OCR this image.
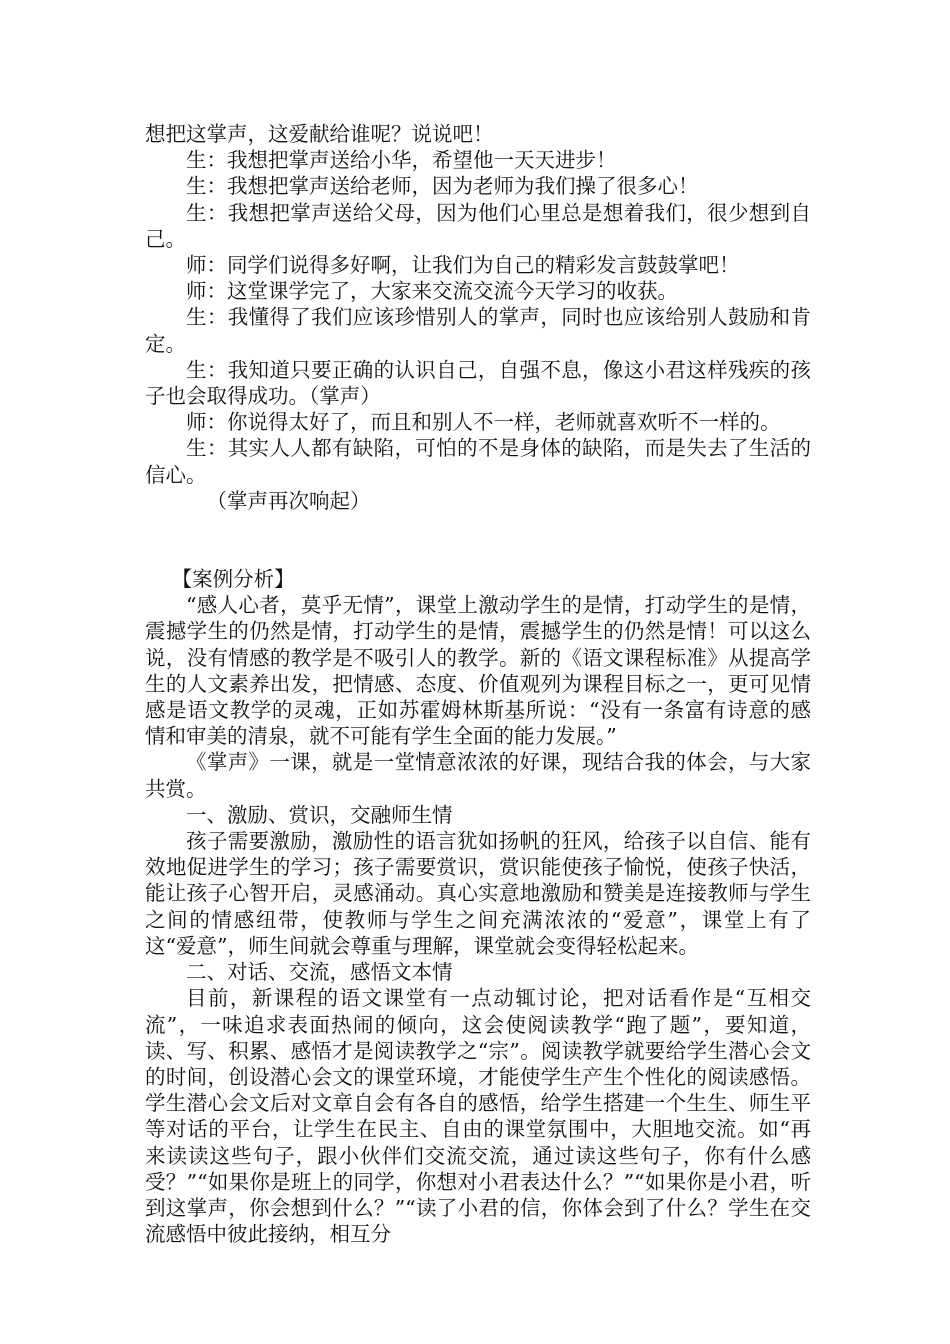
想把这掌声，这爱献给谁呢？说说吧！

生：我想把掌声送给小华，希望他一天天进步！

生：我想把掌声送给老师，因为老师为我们操了很多心！

生：我想把掌声送给父母，因为他们心里总是想着我们，很少想到自己。

师：同学们说得多好啊，让我们为自己的精彩发言鼓鼓掌吧！

师：这堂课学完了，大家来交流交流今天学习的收获。

生：我懂得了我们应该珍惜别人的掌声，同时也应该给别人鼓励和肯定。

生：我知道只要正确的认识自己，自强不息，像这小君这样残疾的孩子也会取得成功。（掌声）

师：你说得太好了，而且和别人不一样，老师就喜欢听不一样的。

生：其实人人都有缺陷，可怕的不是身体的缺陷，而是失去了生活的信心。

（掌声再次响起）

【案例分析】

“感人心者，莫乎无情”，课堂上激动学生的是情，打动学生的是情，震撼学生的仍然是情，打动学生的是情，震撼学生的仍然是情！可以这么说，没有情感的教学是不吸引人的教学。新的《语文课程标准》从提高学生的人文素养出发，把情感、态度、价值观列为课程目标之一，更可见情感是语文教学的灵魂，正如苏霍姆林斯基所说：“没有一条富有诗意的感情和审美的清泉，就不可能有学生全面的能力发展。”

《掌声》一课，就是一堂情意浓浓的好课，现结合我的体会，与大家共赏。

一、激励、赏识，交融师生情

孩子需要激励，激励性的语言犹如扬帆的狂风，给孩子以自信、能有效地促进学生的学习；孩子需要赏识，赏识能使孩子愉悦，使孩子快活，能让孩子心智开启，灵感涌动。真心实意地激励和赞美是连接教师与学生之间的情感纽带，使教师与学生之间充满浓浓的“爱意”，课堂上有了这“爱意”，师生间就会尊重与理解，课堂就会变得轻松起来。

二、对话、交流，感悟文本情

目前，新课程的语文课堂有一点动辄讨论，把对话看作是“互相交流”，一味追求表面热闹的倾向，这会使阅读教学“跑了题”，要知道，读、写、积累、感悟才是阅读教学之“宗”。阅读教学就要给学生潜心会文的时间，创设潜心会文的课堂环境，才能使学生产生个性化的阅读感悟。学生潜心会文后对文章自会有各自的感悟，给学生搭建一个生生、师生平等对话的平台，让学生在民主、自由的课堂氛围中，大胆地交流。如“再来读读这些句子，跟小伙伴们交流交流，通过读这些句子，你有什么感受？”“如果你是班上的同学，你想对小君表达什么？”“如果你是小君，听到这掌声，你会想到什么？”“读了小君的信，你体会到了什么？学生在交流感悟中彼此接纳，相互分
